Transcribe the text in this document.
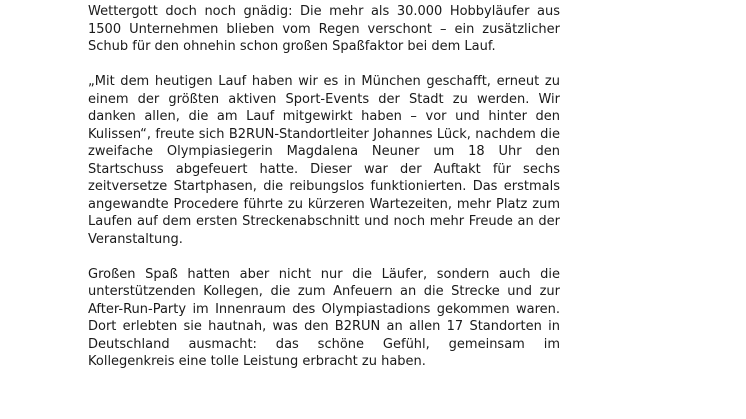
Wettergott doch noch gnädig: Die mehr als 30.000 Hobbyläufer aus 1500 Unternehmen blieben vom Regen verschont – ein zusätzlicher Schub für den ohnehin schon großen Spaßfaktor bei dem Lauf.

„Mit dem heutigen Lauf haben wir es in München geschafft, erneut zu einem der größten aktiven Sport-Events der Stadt zu werden. Wir danken allen, die am Lauf mitgewirkt haben – vor und hinter den Kulissen“, freute sich B2RUN-Standortleiter Johannes Lück, nachdem die zweifache Olympiasiegerin Magdalena Neuner um 18 Uhr den Startschuss abgefeuert hatte. Dieser war der Auftakt für sechs zeitversetze Startphasen, die reibungslos funktionierten. Das erstmals angewandte Procedere führte zu kürzeren Wartezeiten, mehr Platz zum Laufen auf dem ersten Streckenabschnitt und noch mehr Freude an der Veranstaltung.

Großen Spaß hatten aber nicht nur die Läufer, sondern auch die unterstützenden Kollegen, die zum Anfeuern an die Strecke und zur After-Run-Party im Innenraum des Olympiastadions gekommen waren. Dort erlebten sie hautnah, was den B2RUN an allen 17 Standorten in Deutschland ausmacht: das schöne Gefühl, gemeinsam im Kollegenkreis eine tolle Leistung erbracht zu haben.
